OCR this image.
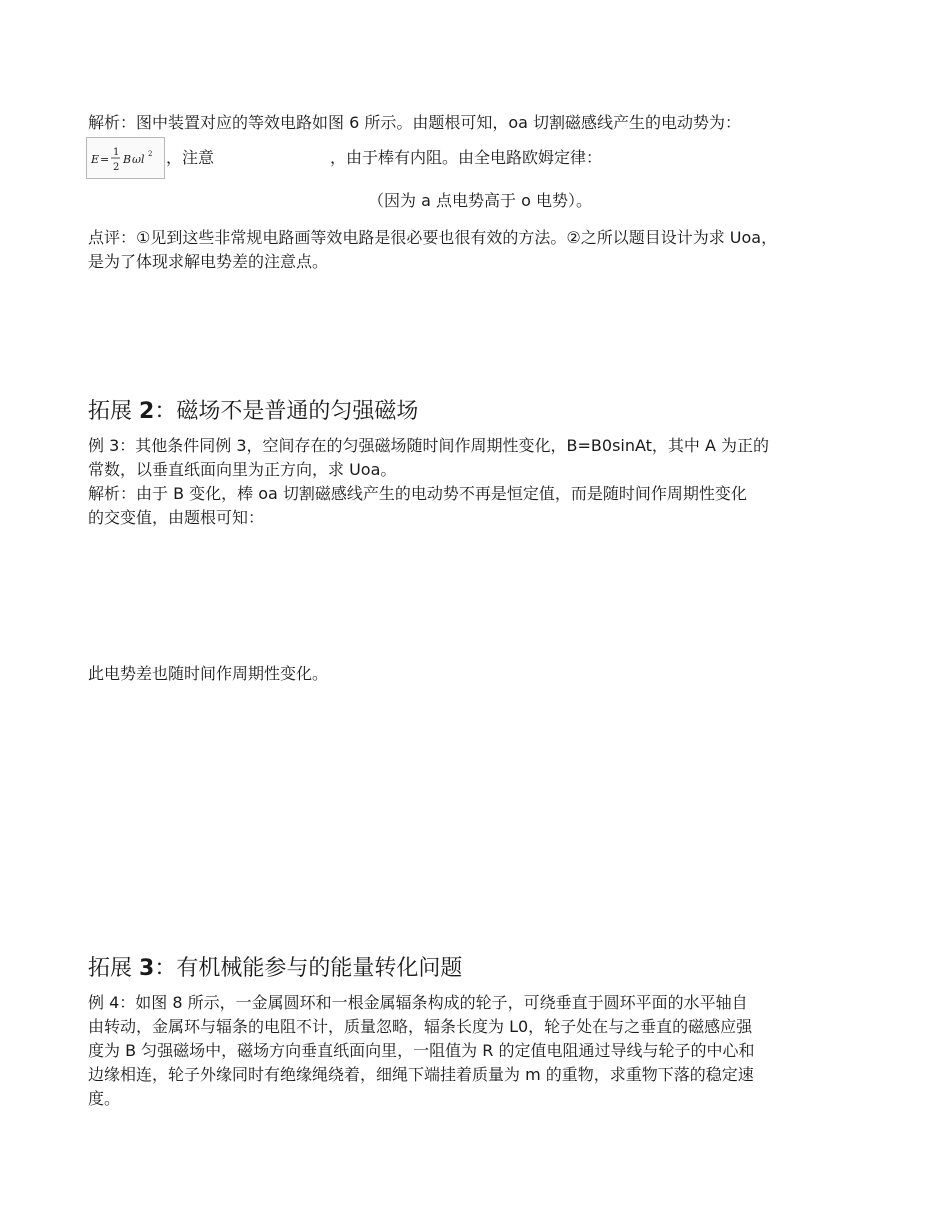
解析：图中装置对应的等效电路如图 6 所示。由题根可知，oa 切割磁感线产生的电动势为：

E =
1
2
B ωl 2 ，注意	，由于棒有内阻。由全电路欧姆定律：
（因为 a 点电势高于 o 电势）。

点评：①见到这些非常规电路画等效电路是很必要也很有效的方法。②之所以题目设计为求 Uoa，
是为了体现求解电势差的注意点。

拓展 2：磁场不是普通的匀强磁场

例 3：其他条件同例 3，空间存在的匀强磁场随时间作周期性变化，B=B0sinAt，其中 A 为正的
常数，以垂直纸面向里为正方向，求 Uoa。
解析：由于 B 变化，棒 oa 切割磁感线产生的电动势不再是恒定值，而是随时间作周期性变化
的交变值，由题根可知：

此电势差也随时间作周期性变化。

拓展 3：有机械能参与的能量转化问题

例 4：如图 8 所示，一金属圆环和一根金属辐条构成的轮子，可绕垂直于圆环平面的水平轴自
由转动，金属环与辐条的电阻不计，质量忽略，辐条长度为 L0，轮子处在与之垂直的磁感应强
度为 B 匀强磁场中，磁场方向垂直纸面向里，一阻值为 R 的定值电阻通过导线与轮子的中心和
边缘相连，轮子外缘同时有绝缘绳绕着，细绳下端挂着质量为 m 的重物，求重物下落的稳定速
度。
